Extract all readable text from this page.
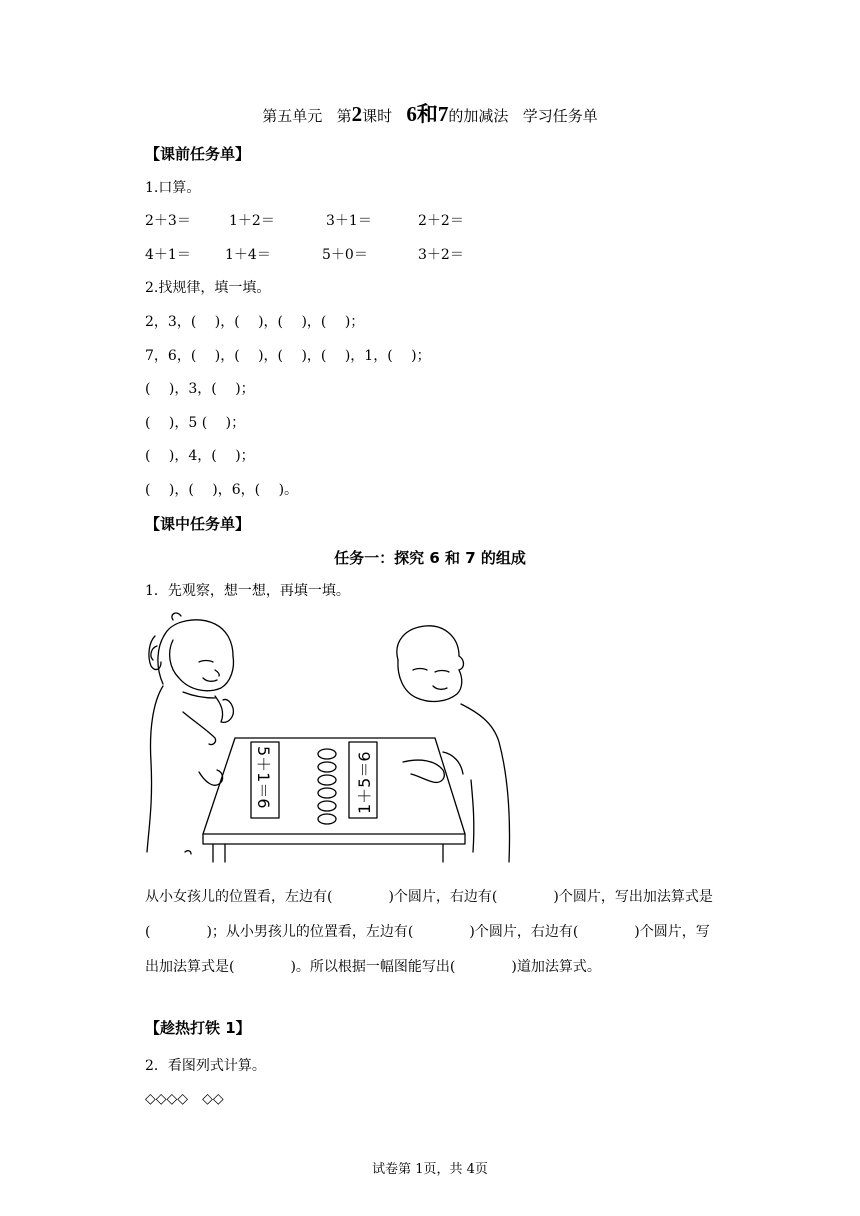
第五单元 第2课时 6和7的加减法 学习任务单
【课前任务单】
1.口算。
2＋3＝	1＋2＝	3＋1＝	2＋2＝
4＋1＝ 1＋4＝	5＋0＝	3＋2＝
2.找规律，填一填。
2，3，(　 )，(　 )，(　 )，(　 )；
7，6，(　 )，(　 )，(　 )，(　 )，1，(　 )；
(　 )，3，(　 )；
(　 )，5 (　 )；
(　 )，4，(　 )；
(　 )，(　 )，6，(　 )。
【课中任务单】
任务一：探究 6 和 7 的组成
1．先观察，想一想，再填一填。
5＋1＝6	1＋5＝6
从小女孩儿的位置看，左边有(　　　　)个圆片，右边有(　　　　)个圆片，写出加法算式是(　　　　)；从小男孩儿的位置看，左边有(　　　　)个圆片，右边有(　　　　)个圆片，写出加法算式是(　　　　)。所以根据一幅图能写出(　　　　)道加法算式。
【趁热打铁 1】
2．看图列式计算。
◇◇◇◇　◇◇
试卷第 1页，共 4页
